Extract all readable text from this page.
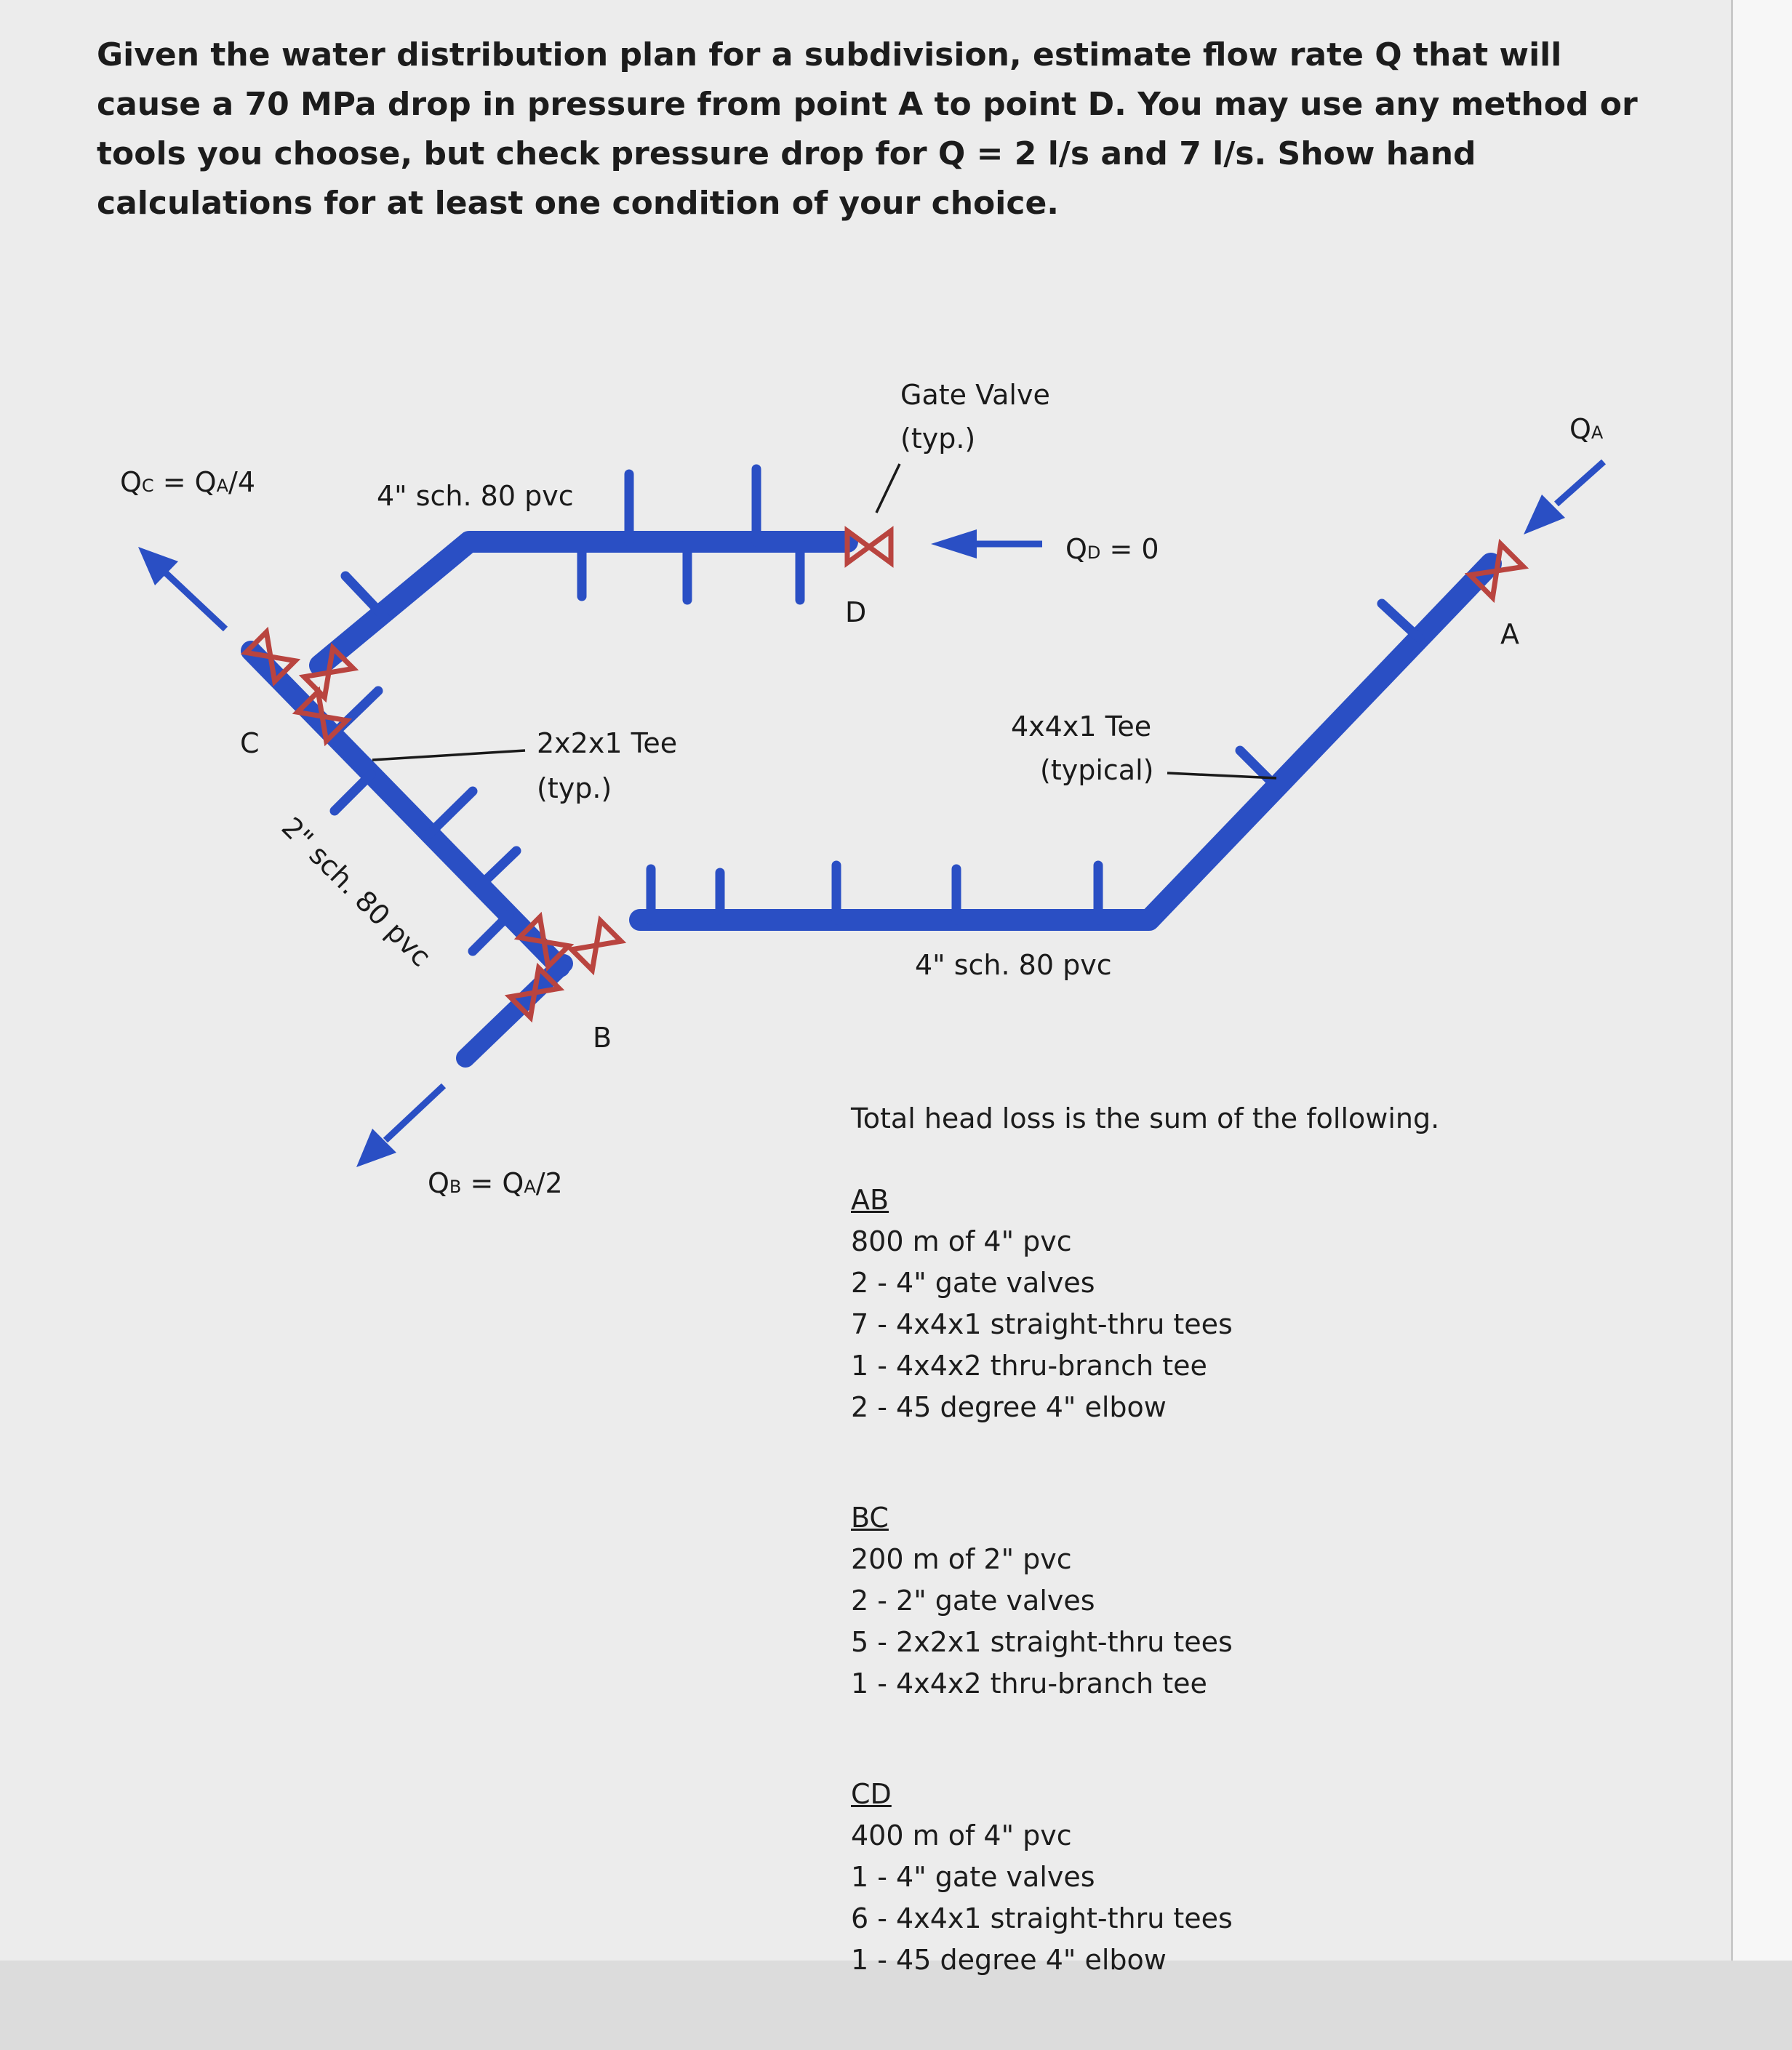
Given the water distribution plan for a subdivision, estimate flow rate Q that will cause a 70 MPa drop in pressure from point A to point D. You may use any method or tools you choose, but check pressure drop for Q = 2 l/s and 7 l/s. Show hand calculations for at least one condition of your choice.

Gate Valve
(typ.)
4" sch. 80 pvc
4" sch. 80 pvc
2" sch. 80 pvc
2x2x1 Tee
(typ.)
4x4x1 Tee
(typical)
A
B
C
D
QA
QC = QA/4
QB = QA/2
QD = 0

Total head loss is the sum of the following.

AB

800 m of 4" pvc

2 - 4" gate valves

7 - 4x4x1 straight-thru tees

1 - 4x4x2 thru-branch tee

2 - 45 degree 4" elbow

BC

200 m of 2" pvc

2 - 2" gate valves

5 - 2x2x1 straight-thru tees

1 - 4x4x2 thru-branch tee

CD

400 m of 4" pvc

1 - 4" gate valves

6 - 4x4x1 straight-thru tees

1 - 45 degree 4" elbow
